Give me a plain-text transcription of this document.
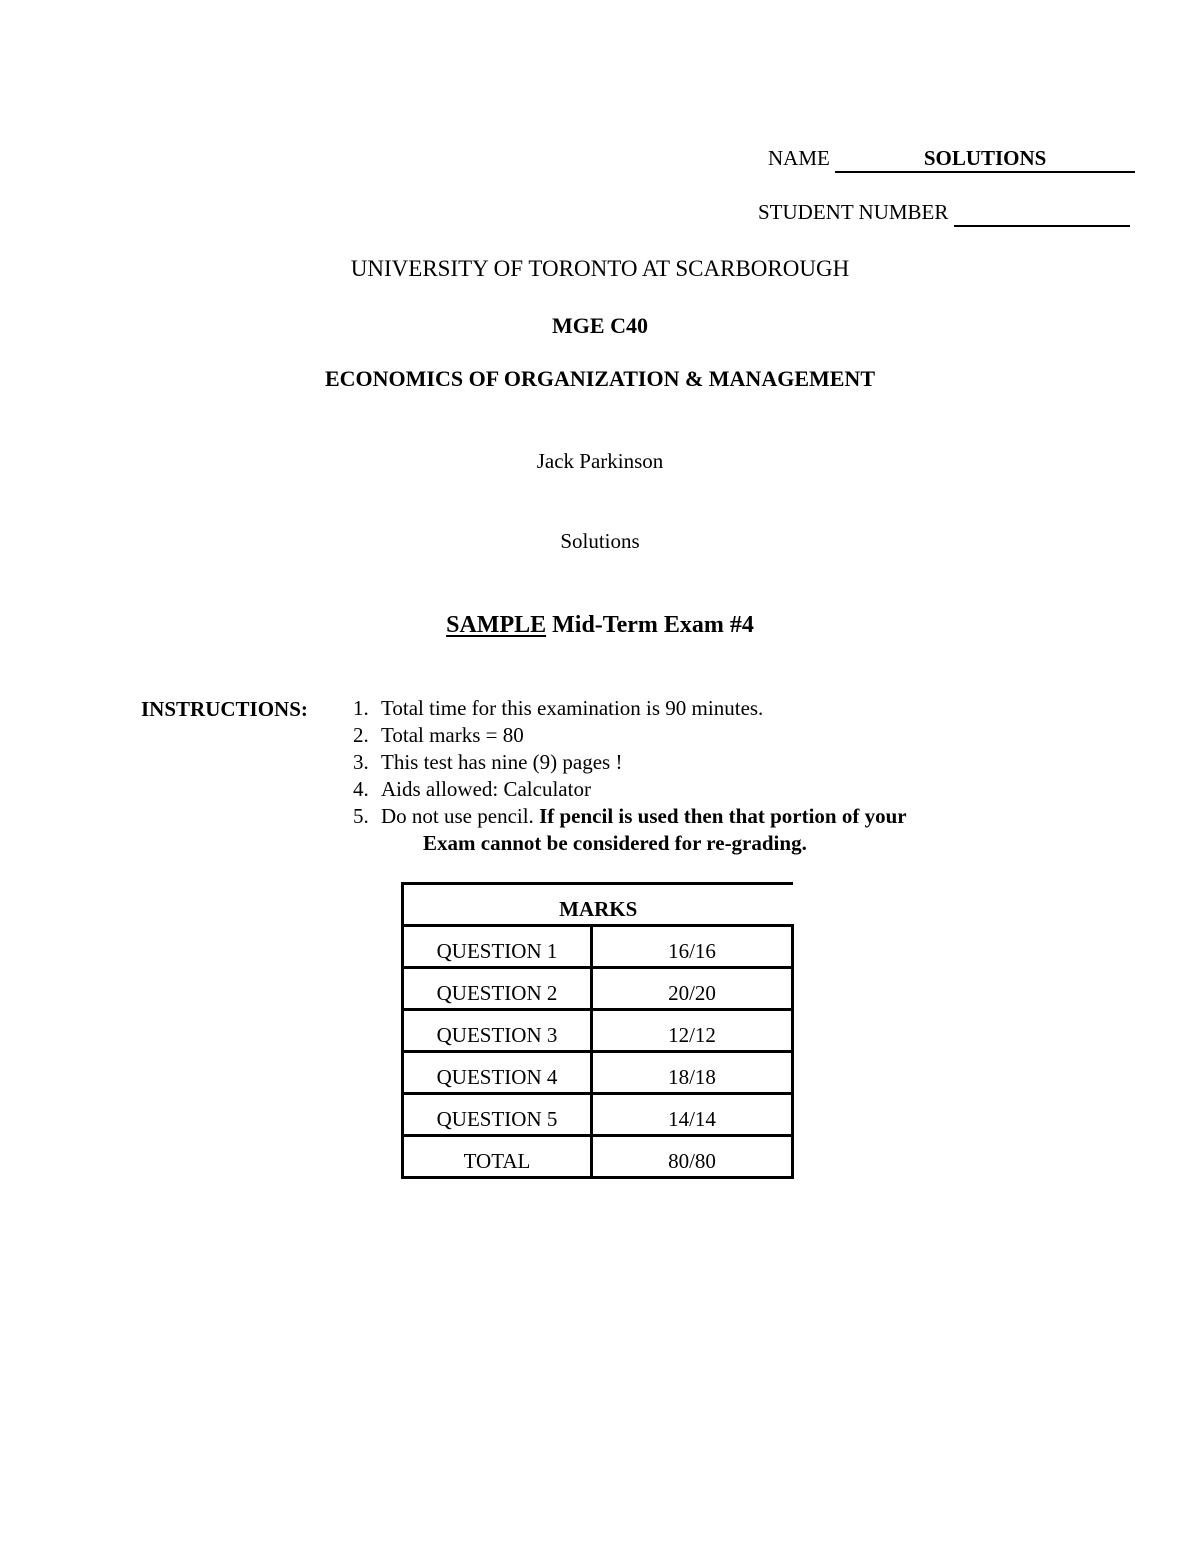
NAME	SOLUTIONS
STUDENT NUMBER
UNIVERSITY OF TORONTO AT SCARBOROUGH
MGE C40
ECONOMICS OF ORGANIZATION & MANAGEMENT
Jack Parkinson
Solutions
SAMPLE Mid-Term Exam #4
INSTRUCTIONS: 1. Total time for this examination is 90 minutes.
2. Total marks = 80
3. This test has nine (9) pages !
4. Aids allowed: Calculator
5. Do not use pencil. If pencil is used then that portion of your
Exam cannot be considered for re-grading.
MARKS	
QUESTION 1	16/16
QUESTION 2	20/20
QUESTION 3	12/12
QUESTION 4	18/18
QUESTION 5	14/14
TOTAL	80/80
